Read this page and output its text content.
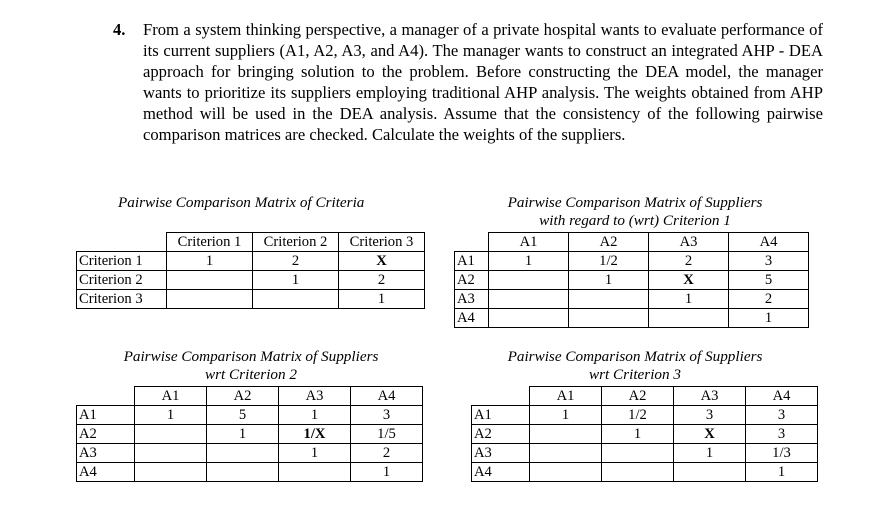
4. From a system thinking perspective, a manager of a private hospital wants to evaluate performance of its current suppliers (A1, A2, A3, and A4). The manager wants to construct an integrated AHP - DEA approach for bringing solution to the problem. Before constructing the DEA model, the manager wants to prioritize its suppliers employing traditional AHP analysis. The weights obtained from AHP method will be used in the DEA analysis. Assume that the consistency of the following pairwise comparison matrices are checked. Calculate the weights of the suppliers.
Pairwise Comparison Matrix of Criteria
	Criterion 1	Criterion 2	Criterion 3
Criterion 1	1	2	X
Criterion 2		1	2
Criterion 3			1
Pairwise Comparison Matrix of Suppliers
with regard to (wrt) Criterion 1
	A1	A2	A3	A4
A1	1	1/2	2	3
A2		1	X	5
A3			1	2
A4				1
Pairwise Comparison Matrix of Suppliers
wrt Criterion 2
	A1	A2	A3	A4
A1	1	5	1	3
A2		1	1/X	1/5
A3			1	2
A4				1
Pairwise Comparison Matrix of Suppliers
wrt Criterion 3
	A1	A2	A3	A4
A1	1	1/2	3	3
A2		1	X	3
A3			1	1/3
A4				1
